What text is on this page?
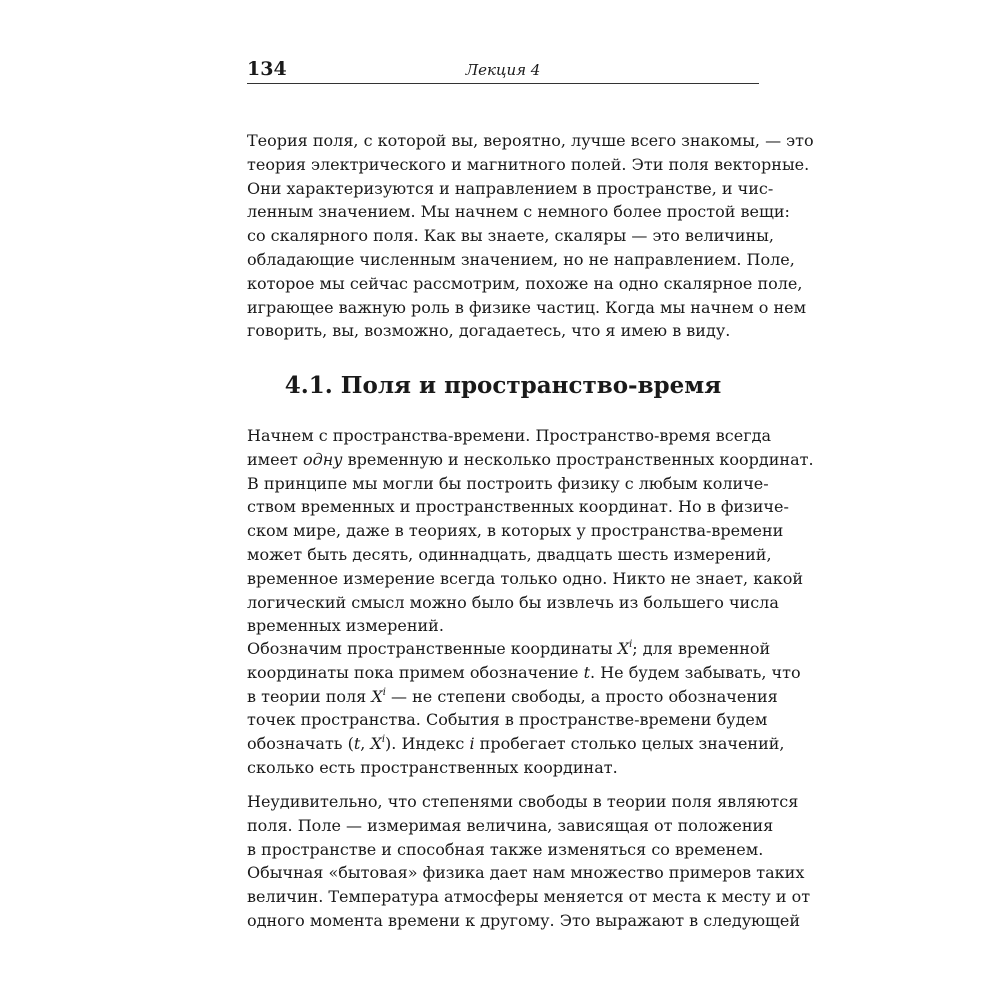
134	Лекция 4

Теория поля, с которой вы, вероятно, лучше всего знакомы, — это
теория электрического и магнитного полей. Эти поля векторные.
Они характеризуются и направлением в пространстве, и чис-
ленным значением. Мы начнем с немного более простой вещи:
со скалярного поля. Как вы знаете, скаляры — это величины,
обладающие численным значением, но не направлением. Поле,
которое мы сейчас рассмотрим, похоже на одно скалярное поле,
играющее важную роль в физике частиц. Когда мы начнем о нем
говорить, вы, возможно, догадаетесь, что я имею в виду.

4.1. Поля и пространство-время

Начнем с пространства-времени. Пространство-время всегда
имеет одну временную и несколько пространственных координат.
В принципе мы могли бы построить физику с любым количе-
ством временных и пространственных координат. Но в физиче-
ском мире, даже в теориях, в которых у пространства-времени
может быть десять, одиннадцать, двадцать шесть измерений,
временное измерение всегда только одно. Никто не знает, какой
логический смысл можно было бы извлечь из большего числа
временных измерений.

Обозначим пространственные координаты $X^i$; для временной
координаты пока примем обозначение t. Не будем забывать, что
в теории поля $X^i$ — не степени свободы, а просто обозначения
точек пространства. События в пространстве-времени будем
обозначать (t, $X^i$). Индекс i пробегает столько целых значений,
сколько есть пространственных координат.

Неудивительно, что степенями свободы в теории поля являются
поля. Поле — измеримая величина, зависящая от положения
в пространстве и способная также изменяться со временем.
Обычная «бытовая» физика дает нам множество примеров таких
величин. Температура атмосферы меняется от места к месту и от
одного момента времени к другому. Это выражают в следующей
